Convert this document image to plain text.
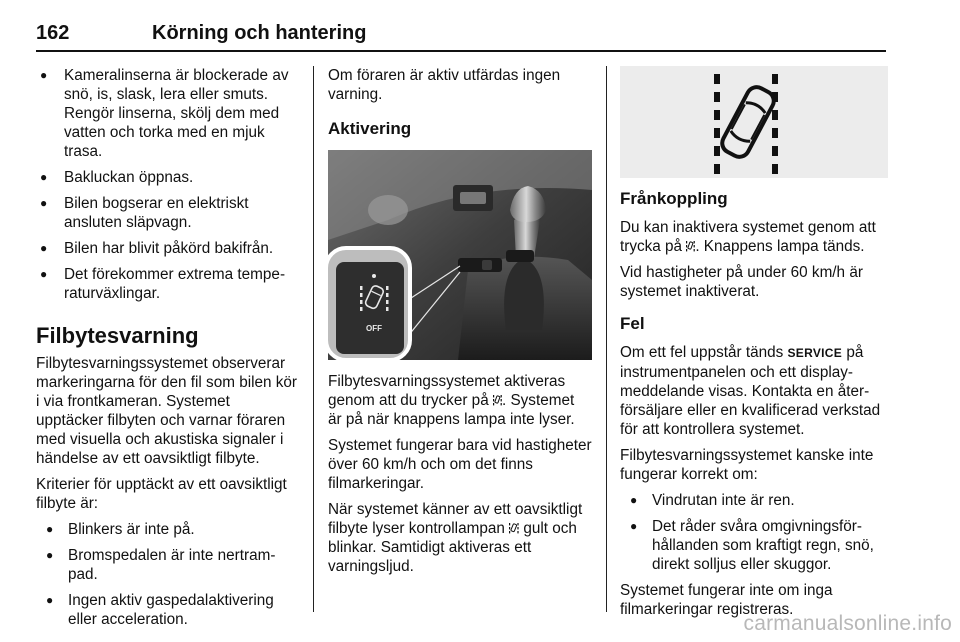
162	Körning och hantering
● Kameralinserna är blockerade av snö, is, slask, lera eller smuts. Rengör linserna, skölj dem med vatten och torka med en mjuk trasa.
● Bakluckan öppnas.
● Bilen bogserar en elektriskt ansluten släpvagn.
● Bilen har blivit påkörd bakifrån.
● Det förekommer extrema temperaturväxlingar.
Filbytesvarning

Filbytesvarningssystemet observerar markeringarna för den fil som bilen kör i via frontkameran. Systemet upptäcker filbyten och varnar föraren med visuella och akustiska signaler i händelse av ett oavsiktligt filbyte.

Kriterier för upptäckt av ett oavsiktligt filbyte är:

● Blinkers är inte på.
● Bromspedalen är inte nertrampad.
● Ingen aktiv gaspedalaktivering eller acceleration.

Om föraren är aktiv utfärdas ingen varning.

Aktivering
OFF

Filbytesvarningssystemet aktiveras genom att du trycker på . Systemet är på när knappens lampa inte lyser.

Systemet fungerar bara vid hastigheter över 60 km/h och om det finns filmarkeringar.

När systemet känner av ett oavsiktligt filbyte lyser kontrollampan gult och blinkar. Samtidigt aktiveras ett varningsljud.

Frånkoppling

Du kan inaktivera systemet genom att trycka på . Knappens lampa tänds.

Vid hastigheter på under 60 km/h är systemet inaktiverat.

Fel

Om ett fel uppstår tänds SERVICE på instrumentpanelen och ett displaymeddelande visas. Kontakta en återförsäljare eller en kvalificerad verkstad för att kontrollera systemet.

Filbytesvarningssystemet kanske inte fungerar korrekt om:

● Vindrutan inte är ren.
● Det råder svåra omgivningsförhållanden som kraftigt regn, snö, direkt solljus eller skuggor.

Systemet fungerar inte om inga filmarkeringar registreras.

carmanualsonline.info
